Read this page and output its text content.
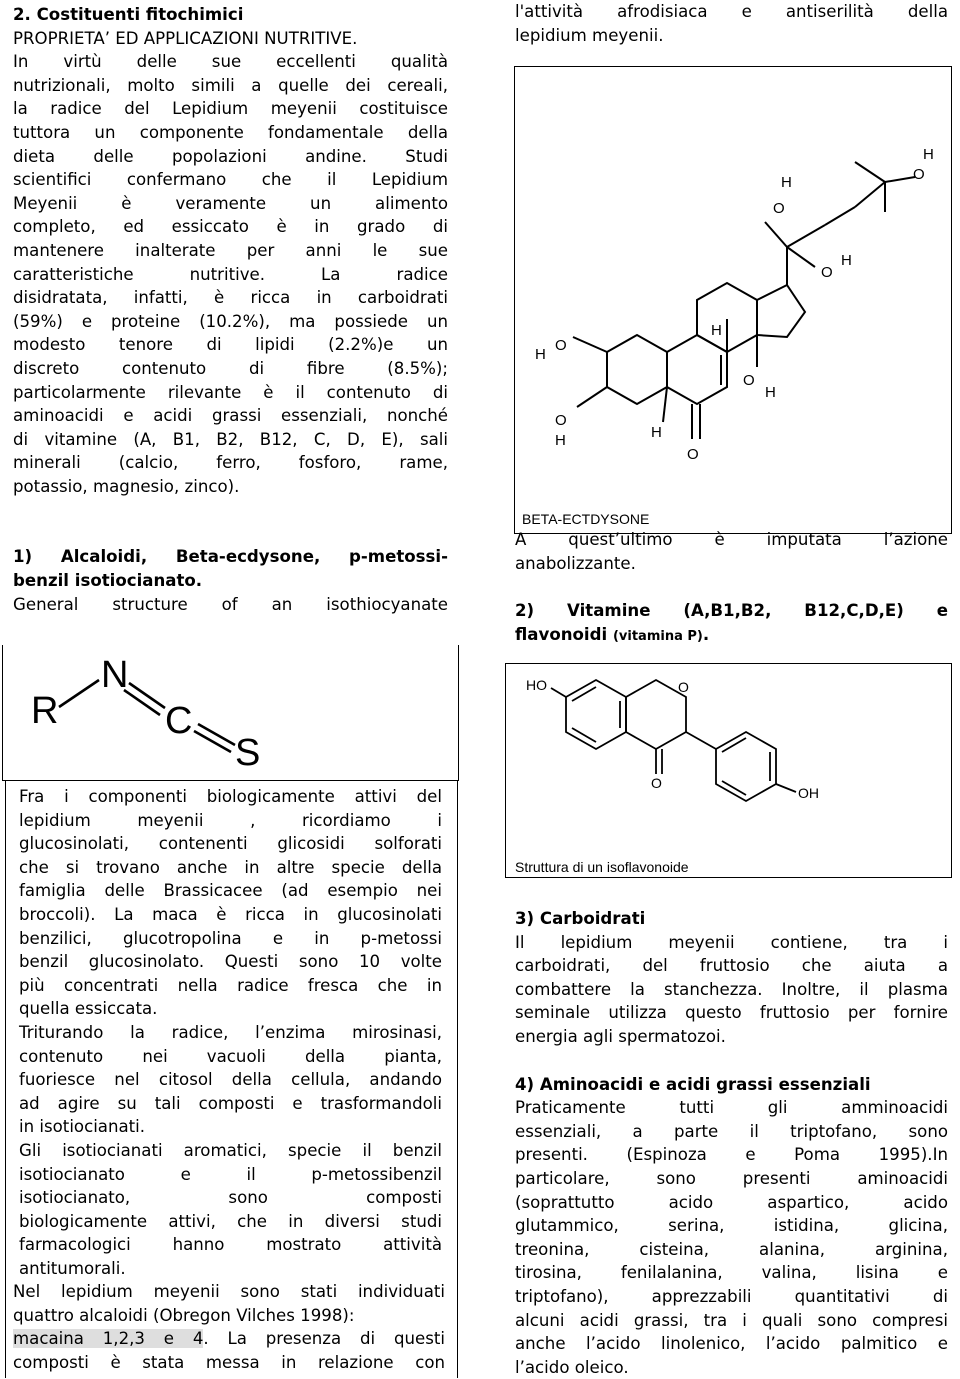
2. Costituenti fitochimici

PROPRIETA’ ED APPLICAZIONI NUTRITIVE.

In virtù delle sue eccellenti qualità

nutrizionali, molto simili a quelle dei cereali,

la radice del Lepidium meyenii costituisce

tuttora un componente fondamentale della

dieta delle popolazioni andine. Studi

scientifici confermano che il Lepidium

Meyenii è veramente un alimento

completo, ed essiccato è in grado di

mantenere inalterate per anni le sue

caratteristiche nutritive. La radice

disidratata, infatti, è ricca in carboidrati

(59%) e proteine (10.2%), ma possiede un

modesto tenore di lipidi (2.2%)e un

discreto contenuto di fibre (8.5%);

particolarmente rilevante è il contenuto di

aminoacidi e acidi grassi essenziali, nonché

di vitamine (A, B1, B2, B12, C, D, E), sali

minerali (calcio, ferro, fosforo, rame,

potassio, magnesio, zinco).

1) Alcaloidi, Beta-ecdysone, p-metossi-

benzil isotiocianato.

General structure of an isothiocyanate

R
N
C
S

Fra i componenti biologicamente attivi del

lepidium meyenii , ricordiamo i

glucosinolati, contenenti glicosidi solforati

che si trovano anche in altre specie della

famiglia delle Brassicacee (ad esempio nei

broccoli). La maca è ricca in glucosinolati

benzilici, glucotropolina e in p-metossi

benzil glucosinolato. Questi sono 10 volte

più concentrati nella radice fresca che in

quella essiccata.

Triturando la radice, l’enzima mirosinasi,

contenuto nei vacuoli della pianta,

fuoriesce nel citosol della cellula, andando

ad agire su tali composti e trasformandoli

in isotiocianati.

Gli isotiocianati aromatici, specie il benzil

isotiocianato e il p-metossibenzil

isotiocianato, sono composti

biologicamente attivi, che in diversi studi

farmacologici hanno mostrato attività

antitumorali.

Nel lepidium meyenii sono stati individuati

quattro alcaloidi (Obregon Vilches 1998):

macaina 1,2,3 e 4. La presenza di questi

composti è stata messa in relazione con

l'attività afrodisiaca e antiserilità della

lepidium meyenii.

H
O
O
H	H
O
H
O
H
O
H
O
H	O
H
BETA-ECTDYSONE

A quest’ultimo è imputata l’azione

anabolizzante.

2) Vitamine (A,B1,B2, B12,C,D,E) e

flavonoidi (vitamina P).

HO	O
O
OH
Struttura di un isoflavonoide

3) Carboidrati

Il lepidium meyenii contiene, tra i

carboidrati, del fruttosio che aiuta a

combattere la stanchezza. Inoltre, il plasma

seminale utilizza questo fruttosio per fornire

energia agli spermatozoi.

4) Aminoacidi e acidi grassi essenziali

Praticamente tutti gli amminoacidi

essenziali, a parte il triptofano, sono

presenti. (Espinoza e Poma 1995).In

particolare, sono presenti aminoacidi

(soprattutto acido aspartico, acido

glutammico, serina, istidina, glicina,

treonina, cisteina, alanina, arginina,

tirosina, fenilalanina, valina, lisina e

triptofano), apprezzabili quantitativi di

alcuni acidi grassi, tra i quali sono compresi

anche l’acido linolenico, l’acido palmitico e

l’acido oleico.
